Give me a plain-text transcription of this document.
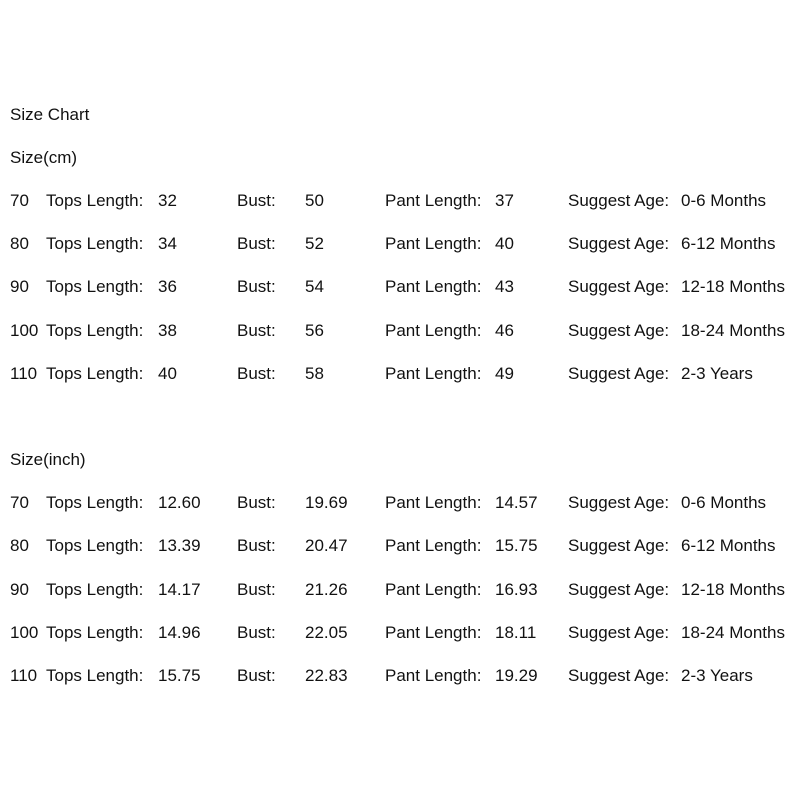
Size Chart
Size(cm)
70	Tops Length: 32	Bust:	50	Pant Length: 37	Suggest Age: 0-6 Months
80	Tops Length: 34	Bust:	52	Pant Length: 40	Suggest Age: 6-12 Months
90	Tops Length: 36	Bust:	54	Pant Length: 43	Suggest Age: 12-18 Months
100 Tops Length: 38	Bust:	56	Pant Length: 46	Suggest Age: 18-24 Months
110 Tops Length: 40	Bust:	58	Pant Length: 49	Suggest Age: 2-3 Years
Size(inch)
70	Tops Length: 12.60	Bust:	19.69	Pant Length: 14.57	Suggest Age: 0-6 Months
80	Tops Length: 13.39	Bust:	20.47	Pant Length: 15.75	Suggest Age: 6-12 Months
90	Tops Length: 14.17	Bust:	21.26	Pant Length: 16.93	Suggest Age: 12-18 Months
100 Tops Length: 14.96	Bust:	22.05	Pant Length: 18.11	Suggest Age: 18-24 Months
110 Tops Length: 15.75	Bust:	22.83	Pant Length: 19.29	Suggest Age: 2-3 Years
